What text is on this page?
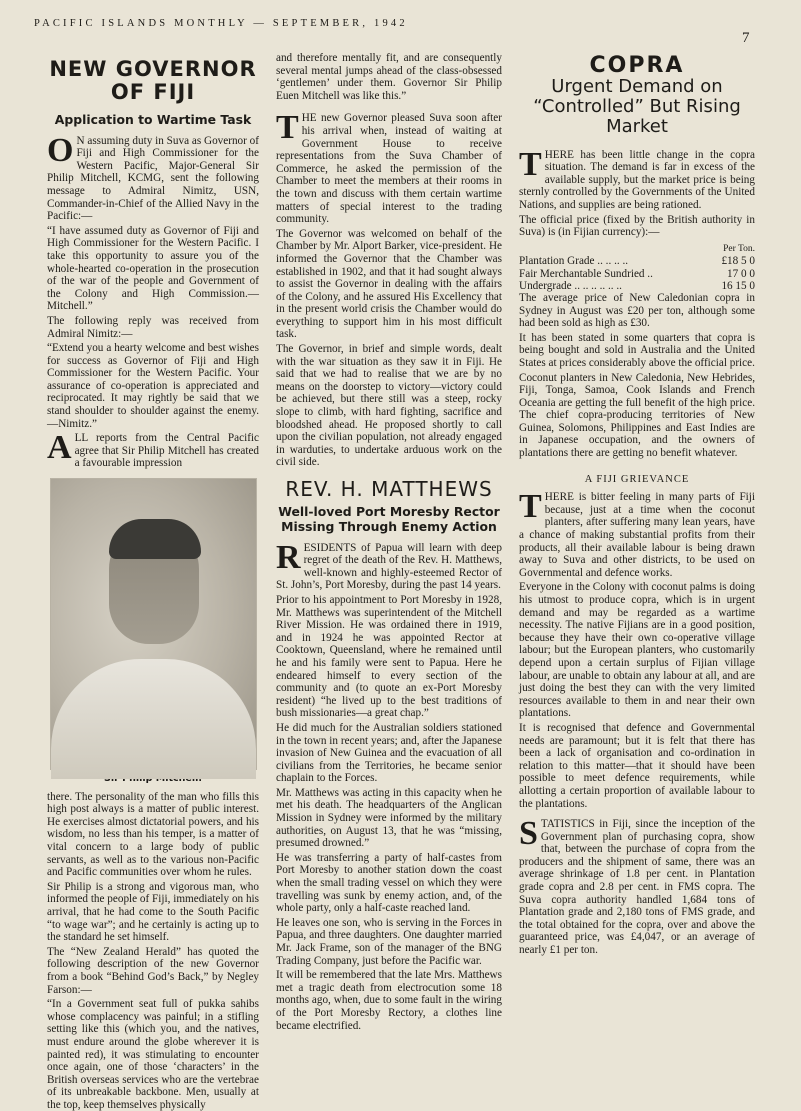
PACIFIC ISLANDS MONTHLY — SEPTEMBER, 1942
7
NEW GOVERNOR OF FIJI
Application to Wartime Task

ON assuming duty in Suva as Governor of Fiji and High Commissioner for the Western Pacific, Major-General Sir Philip Mitchell, KCMG, sent the following message to Admiral Nimitz, USN, Commander-in-Chief of the Allied Navy in the Pacific:—

“I have assumed duty as Governor of Fiji and High Commissioner for the Western Pacific. I take this opportunity to assure you of the whole-hearted co-operation in the prosecution of the war of the people and Government of the Colony and High Commission.—Mitchell.”

The following reply was received from Admiral Nimitz:—

“Extend you a hearty welcome and best wishes for success as Governor of Fiji and High Commissioner for the Western Pacific. Your assurance of co-operation is appreciated and reciprocated. It may rightly be said that we stand shoulder to shoulder against the enemy. —Nimitz.”

ALL reports from the Central Pacific agree that Sir Philip Mitchell has created a favourable impression

there. The personality of the man who fills this high post always is a matter of public interest. He exercises almost dictatorial powers, and his wisdom, no less than his temper, is a matter of vital concern to a large body of public servants, as well as to the various non-Pacific and Pacific communities over whom he rules.

Sir Philip is a strong and vigorous man, who informed the people of Fiji, immediately on his arrival, that he had come to the South Pacific “to wage war”; and he certainly is acting up to the standard he set himself.

The “New Zealand Herald” has quoted the following description of the new Governor from a book “Behind God’s Back,” by Negley Farson:—

“In a Government seat full of pukka sahibs whose complacency was painful; in a stifling setting like this (which you, and the natives, must endure around the globe wherever it is painted red), it was stimulating to encounter once again, one of those ‘characters’ in the British overseas services who are the vertebrae of its unbreakable backbone. Men, usually at the top, keep themselves physically

and therefore mentally fit, and are consequently several mental jumps ahead of the class-obsessed ‘gentlemen’ under them. Governor Sir Philip Euen Mitchell was like this.”

THE new Governor pleased Suva soon after his arrival when, instead of waiting at Government House to receive representations from the Suva Chamber of Commerce, he asked the permission of the Chamber to meet the members at their rooms in the town and discuss with them certain wartime matters of special interest to the trading community.

The Governor was welcomed on behalf of the Chamber by Mr. Alport Barker, vice-president. He informed the Governor that the Chamber was established in 1902, and that it had sought always to assist the Governor in dealing with the affairs of the Colony, and he assured His Excellency that in the present world crisis the Chamber would do everything to support him in his most difficult task.

The Governor, in brief and simple words, dealt with the war situation as they saw it in Fiji. He said that we had to realise that we are by no means on the doorstep to victory—victory could be achieved, but there still was a steep, rocky slope to climb, with hard fighting, sacrifice and bloodshed ahead. He proposed shortly to call upon the civilian population, not already engaged in warduties, to undertake arduous work on the civil side.

REV. H. MATTHEWS
Well-loved Port Moresby Rector Missing Through Enemy Action

RESIDENTS of Papua will learn with deep regret of the death of the Rev. H. Matthews, well-known and highly-esteemed Rector of St. John’s, Port Moresby, during the past 14 years.

Prior to his appointment to Port Moresby in 1928, Mr. Matthews was superintendent of the Mitchell River Mission. He was ordained there in 1919, and in 1924 he was appointed Rector at Cooktown, Queensland, where he remained until he and his family were sent to Papua. Here he endeared himself to every section of the community and (to quote an ex-Port Moresby resident) “he lived up to the best traditions of bush missionaries—a great chap.”

He did much for the Australian soldiers stationed in the town in recent years; and, after the Japanese invasion of New Guinea and the evacuation of all civilians from the Territories, he became senior chaplain to the Forces.

Mr. Matthews was acting in this capacity when he met his death. The headquarters of the Anglican Mission in Sydney were informed by the military authorities, on August 13, that he was “missing, presumed drowned.”

He was transferring a party of half-castes from Port Moresby to another station down the coast when the small trading vessel on which they were travelling was sunk by enemy action, and, of the whole party, only a half-caste reached land.

He leaves one son, who is serving in the Forces in Papua, and three daughters. One daughter married Mr. Jack Frame, son of the manager of the BNG Trading Company, just before the Pacific war.

It will be remembered that the late Mrs. Matthews met a tragic death from electrocution some 18 months ago, when, due to some fault in the wiring of the Port Moresby Rectory, a clothes line became electrified.

COPRA
Urgent Demand on “Controlled” But Rising Market

THERE has been little change in the copra situation. The demand is far in excess of the available supply, but the market price is being sternly controlled by the Governments of the United Nations, and supplies are being rationed.

The official price (fixed by the British authority in Suva) is (in Fijian currency):—

Per Ton.
Plantation Grade .. .. .. ..	£18 5 0
Fair Merchantable Sundried ..	17 0 0
Undergrade .. .. .. .. .. ..	16 15 0

The average price of New Caledonian copra in Sydney in August was £20 per ton, although some had been sold as high as £30.

It has been stated in some quarters that copra is being bought and sold in Australia and the United States at prices considerably above the official price.

Coconut planters in New Caledonia, New Hebrides, Fiji, Tonga, Samoa, Cook Islands and French Oceania are getting the full benefit of the high price. The chief copra-producing territories of New Guinea, Solomons, Philippines and East Indies are in Japanese occupation, and the owners of plantations there are getting no benefit whatever.

A FIJI GRIEVANCE

THERE is bitter feeling in many parts of Fiji because, just at a time when the coconut planters, after suffering many lean years, have a chance of making substantial profits from their products, all their available labour is being drawn away to Suva and other districts, to be used on Governmental and defence works.

Everyone in the Colony with coconut palms is doing his utmost to produce copra, which is in urgent demand and may be regarded as a wartime necessity. The native Fijians are in a good position, because they have their own co-operative village labour; but the European planters, who customarily depend upon a certain surplus of Fijian village labour, are unable to obtain any labour at all, and are just doing the best they can with the very limited resources available to them in and near their own plantations.

It is recognised that defence and Governmental needs are paramount; but it is felt that there has been a lack of organisation and co-ordination in relation to this matter—that it should have been possible to meet defence requirements, while allotting a certain proportion of available labour to the plantations.

STATISTICS in Fiji, since the inception of the Government plan of purchasing copra, show that, between the purchase of copra from the producers and the shipment of same, there was an average shrinkage of 1.8 per cent. in Plantation grade copra and 2.8 per cent. in FMS copra. The Suva copra authority handled 1,684 tons of Plantation grade and 2,180 tons of FMS grade, and the total obtained for the copra, over and above the guaranteed price, was £4,047, or an average of nearly £1 per ton.
